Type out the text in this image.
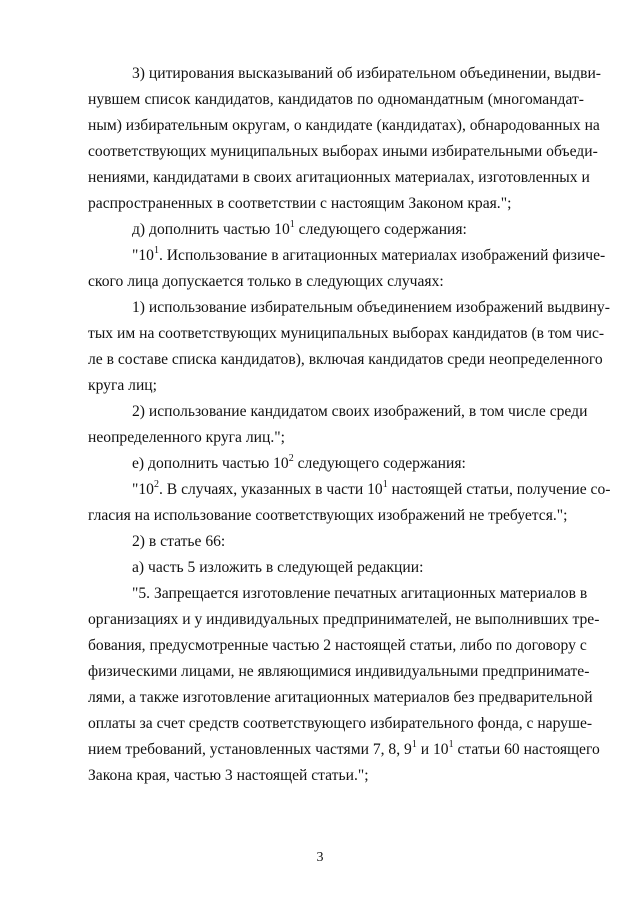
3) цитирования высказываний об избирательном объединении, выдви-
нувшем список кандидатов, кандидатов по одномандатным (многомандат-
ным) избирательным округам, о кандидате (кандидатах), обнародованных на
соответствующих муниципальных выборах иными избирательными объеди-
нениями, кандидатами в своих агитационных материалах, изготовленных и
распространенных в соответствии с настоящим Законом края.";
д) дополнить частью $10^1$ следующего содержания:
"$10^1$. Использование в агитационных материалах изображений физиче-
ского лица допускается только в следующих случаях:
1) использование избирательным объединением изображений выдвину-
тых им на соответствующих муниципальных выборах кандидатов (в том чис-
ле в составе списка кандидатов), включая кандидатов среди неопределенного
круга лиц;
2) использование кандидатом своих изображений, в том числе среди
неопределенного круга лиц.";
е) дополнить частью $10^2$ следующего содержания:
"$10^2$. В случаях, указанных в части $10^1$ настоящей статьи, получение со-
гласия на использование соответствующих изображений не требуется.";
2) в статье 66:
а) часть 5 изложить в следующей редакции:
"5. Запрещается изготовление печатных агитационных материалов в
организациях и у индивидуальных предпринимателей, не выполнивших тре-
бования, предусмотренные частью 2 настоящей статьи, либо по договору с
физическими лицами, не являющимися индивидуальными предпринимате-
лями, а также изготовление агитационных материалов без предварительной
оплаты за счет средств соответствующего избирательного фонда, с наруше-
нием требований, установленных частями 7, 8, $9^1$ и $10^1$ статьи 60 настоящего
Закона края, частью 3 настоящей статьи.";
3
